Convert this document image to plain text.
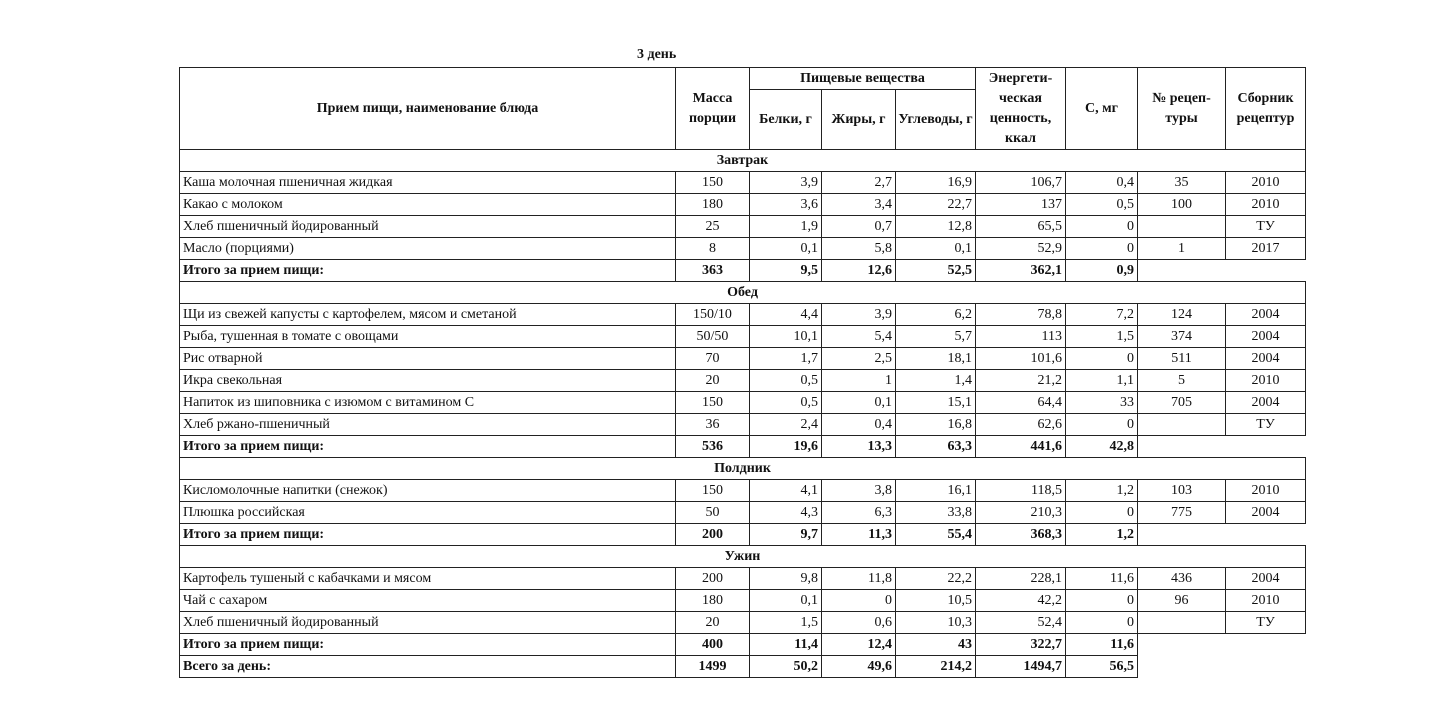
3 день
Прием пищи, наименование блюда	Масса порции	Пищевые вещества			Энергети-ческая ценность, ккал	С, мг	№ рецеп-туры	Сборник рецептур
		Белки, г	Жиры, г	Углеводы, г				
Завтрак								
Каша молочная пшеничная жидкая	150	3,9	2,7	16,9	106,7	0,4	35	2010
Какао с молоком	180	3,6	3,4	22,7	137	0,5	100	2010
Хлеб пшеничный йодированный	25	1,9	0,7	12,8	65,5	0		ТУ
Масло (порциями)	8	0,1	5,8	0,1	52,9	0	1	2017
Итого за прием пищи:	363	9,5	12,6	52,5	362,1	0,9		
Обед								
Щи из свежей капусты с картофелем, мясом и сметаной	150/10	4,4	3,9	6,2	78,8	7,2	124	2004
Рыба, тушенная в томате с овощами	50/50	10,1	5,4	5,7	113	1,5	374	2004
Рис отварной	70	1,7	2,5	18,1	101,6	0	511	2004
Икра свекольная	20	0,5	1	1,4	21,2	1,1	5	2010
Напиток из шиповника с изюмом с витамином С	150	0,5	0,1	15,1	64,4	33	705	2004
Хлеб ржано-пшеничный	36	2,4	0,4	16,8	62,6	0		ТУ
Итого за прием пищи:	536	19,6	13,3	63,3	441,6	42,8		
Полдник								
Кисломолочные напитки (снежок)	150	4,1	3,8	16,1	118,5	1,2	103	2010
Плюшка российская	50	4,3	6,3	33,8	210,3	0	775	2004
Итого за прием пищи:	200	9,7	11,3	55,4	368,3	1,2		
Ужин								
Картофель тушеный с кабачками и мясом	200	9,8	11,8	22,2	228,1	11,6	436	2004
Чай с сахаром	180	0,1	0	10,5	42,2	0	96	2010
Хлеб пшеничный йодированный	20	1,5	0,6	10,3	52,4	0		ТУ
Итого за прием пищи:	400	11,4	12,4	43	322,7	11,6		
Всего за день:	1499	50,2	49,6	214,2	1494,7	56,5		
